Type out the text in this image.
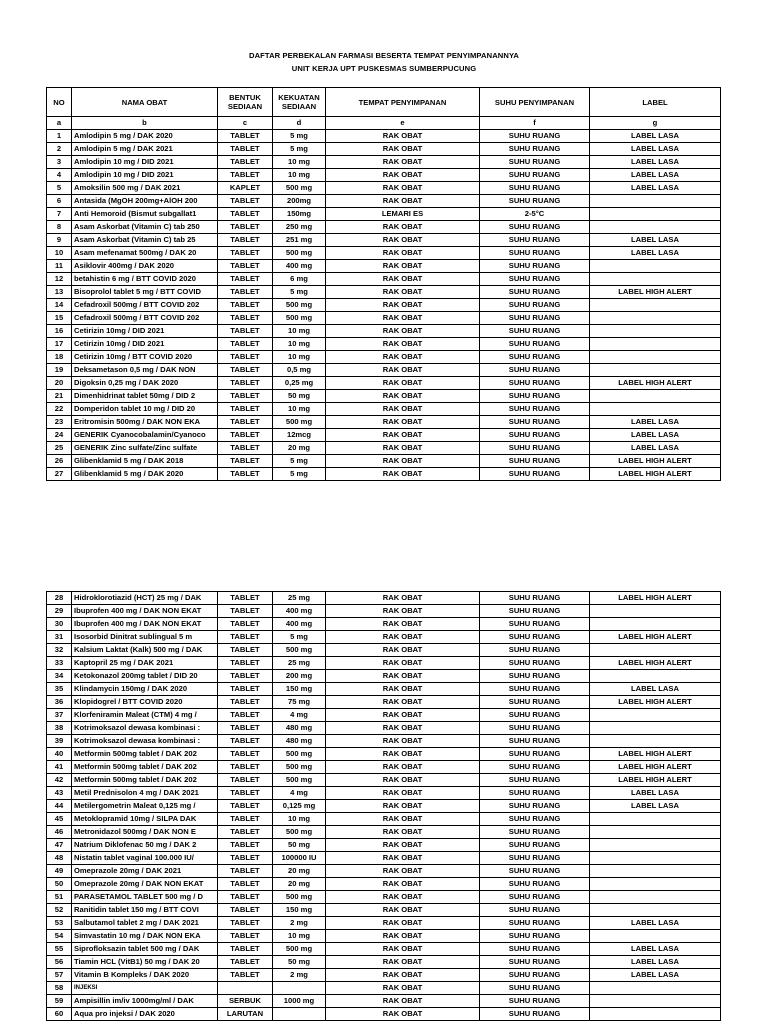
DAFTAR PERBEKALAN FARMASI BESERTA TEMPAT PENYIMPANANNYA
UNIT KERJA UPT PUSKESMAS SUMBERPUCUNG
NO	NAMA OBAT	BENTUK SEDIAAN	KEKUATAN SEDIAAN	TEMPAT PENYIMPANAN	SUHU PENYIMPANAN	LABEL
a	b	c	d	e	f	g
1	Amlodipin 5 mg / DAK 2020	TABLET	5 mg	RAK OBAT	SUHU RUANG	LABEL LASA
2	Amlodipin 5 mg / DAK 2021	TABLET	5 mg	RAK OBAT	SUHU RUANG	LABEL LASA
3	Amlodipin 10 mg / DID 2021	TABLET	10 mg	RAK OBAT	SUHU RUANG	LABEL LASA
4	Amlodipin 10 mg / DID 2021	TABLET	10 mg	RAK OBAT	SUHU RUANG	LABEL LASA
5	Amoksilin 500 mg / DAK 2021	KAPLET	500 mg	RAK OBAT	SUHU RUANG	LABEL LASA
6	Antasida (MgOH 200mg+AlOH 200	TABLET	200mg	RAK OBAT	SUHU RUANG	
7	Anti Hemoroid (Bismut subgallat1	TABLET	150mg	LEMARI ES	2-5°C	
8	Asam Askorbat (Vitamin C) tab 250	TABLET	250 mg	RAK OBAT	SUHU RUANG	
9	Asam Askorbat (Vitamin C) tab 25	TABLET	251 mg	RAK OBAT	SUHU RUANG	LABEL LASA
10	Asam mefenamat 500mg / DAK 20	TABLET	500 mg	RAK OBAT	SUHU RUANG	LABEL LASA
11	Asiklovir 400mg / DAK 2020	TABLET	400 mg	RAK OBAT	SUHU RUANG	
12	betahistin 6 mg / BTT COVID 2020	TABLET	6 mg	RAK OBAT	SUHU RUANG	
13	Bisoprolol tablet 5 mg / BTT COVID	TABLET	5 mg	RAK OBAT	SUHU RUANG	LABEL HIGH ALERT
14	Cefadroxil 500mg / BTT COVID 202	TABLET	500 mg	RAK OBAT	SUHU RUANG	
15	Cefadroxil 500mg / BTT COVID 202	TABLET	500 mg	RAK OBAT	SUHU RUANG	
16	Cetirizin 10mg / DID 2021	TABLET	10 mg	RAK OBAT	SUHU RUANG	
17	Cetirizin 10mg / DID 2021	TABLET	10 mg	RAK OBAT	SUHU RUANG	
18	Cetirizin 10mg / BTT COVID 2020	TABLET	10 mg	RAK OBAT	SUHU RUANG	
19	Deksametason 0,5 mg / DAK NON	TABLET	0,5 mg	RAK OBAT	SUHU RUANG	
20	Digoksin 0,25 mg / DAK 2020	TABLET	0,25 mg	RAK OBAT	SUHU RUANG	LABEL HIGH ALERT
21	Dimenhidrinat tablet 50mg / DID 2	TABLET	50 mg	RAK OBAT	SUHU RUANG	
22	Domperidon tablet 10 mg / DID 20	TABLET	10 mg	RAK OBAT	SUHU RUANG	
23	Eritromisin 500mg / DAK NON EKA	TABLET	500 mg	RAK OBAT	SUHU RUANG	LABEL LASA
24	GENERIK Cyanocobalamin/Cyanoco	TABLET	12mcg	RAK OBAT	SUHU RUANG	LABEL LASA
25	GENERIK Zinc sulfate/Zinc sulfate	TABLET	20 mg	RAK OBAT	SUHU RUANG	LABEL LASA
26	Glibenklamid 5 mg / DAK 2018	TABLET	5 mg	RAK OBAT	SUHU RUANG	LABEL HIGH ALERT
27	Glibenklamid 5 mg / DAK 2020	TABLET	5 mg	RAK OBAT	SUHU RUANG	LABEL HIGH ALERT
28	Hidroklorotiazid (HCT) 25 mg / DAK	TABLET	25 mg	RAK OBAT	SUHU RUANG	LABEL HIGH ALERT
29	Ibuprofen 400 mg / DAK NON EKAT	TABLET	400 mg	RAK OBAT	SUHU RUANG	
30	Ibuprofen 400 mg / DAK NON EKAT	TABLET	400 mg	RAK OBAT	SUHU RUANG	
31	Isosorbid Dinitrat sublingual 5 m	TABLET	5 mg	RAK OBAT	SUHU RUANG	LABEL HIGH ALERT
32	Kalsium Laktat (Kalk) 500 mg / DAK	TABLET	500 mg	RAK OBAT	SUHU RUANG	
33	Kaptopril 25 mg / DAK 2021	TABLET	25 mg	RAK OBAT	SUHU RUANG	LABEL HIGH ALERT
34	Ketokonazol 200mg tablet / DID 20	TABLET	200 mg	RAK OBAT	SUHU RUANG	
35	Klindamycin 150mg / DAK 2020	TABLET	150 mg	RAK OBAT	SUHU RUANG	LABEL LASA
36	Klopidogrel / BTT COVID 2020	TABLET	75 mg	RAK OBAT	SUHU RUANG	LABEL HIGH ALERT
37	Klorfeniramin Maleat (CTM) 4 mg /	TABLET	4 mg	RAK OBAT	SUHU RUANG	
38	Kotrimoksazol dewasa kombinasi :	TABLET	480 mg	RAK OBAT	SUHU RUANG	
39	Kotrimoksazol dewasa kombinasi :	TABLET	480 mg	RAK OBAT	SUHU RUANG	
40	Metformin 500mg tablet / DAK 202	TABLET	500 mg	RAK OBAT	SUHU RUANG	LABEL HIGH ALERT
41	Metformin 500mg tablet / DAK 202	TABLET	500 mg	RAK OBAT	SUHU RUANG	LABEL HIGH ALERT
42	Metformin 500mg tablet / DAK 202	TABLET	500 mg	RAK OBAT	SUHU RUANG	LABEL HIGH ALERT
43	Metil Prednisolon 4 mg / DAK 2021	TABLET	4 mg	RAK OBAT	SUHU RUANG	LABEL LASA
44	Metilergometrin Maleat 0,125 mg /	TABLET	0,125 mg	RAK OBAT	SUHU RUANG	LABEL LASA
45	Metoklopramid 10mg / SILPA DAK	TABLET	10 mg	RAK OBAT	SUHU RUANG	
46	Metronidazol 500mg / DAK NON E	TABLET	500 mg	RAK OBAT	SUHU RUANG	
47	Natrium Diklofenac 50 mg / DAK 2	TABLET	50 mg	RAK OBAT	SUHU RUANG	
48	Nistatin tablet vaginal 100.000 IU/	TABLET	100000 IU	RAK OBAT	SUHU RUANG	
49	Omeprazole 20mg / DAK 2021	TABLET	20 mg	RAK OBAT	SUHU RUANG	
50	Omeprazole 20mg / DAK NON EKAT	TABLET	20 mg	RAK OBAT	SUHU RUANG	
51	PARASETAMOL TABLET 500 mg / D	TABLET	500 mg	RAK OBAT	SUHU RUANG	
52	Ranitidin tablet 150 mg / BTT COVI	TABLET	150 mg	RAK OBAT	SUHU RUANG	
53	Salbutamol tablet 2 mg / DAK 2021	TABLET	2 mg	RAK OBAT	SUHU RUANG	LABEL LASA
54	Simvastatin 10 mg / DAK NON EKA	TABLET	10 mg	RAK OBAT	SUHU RUANG	
55	Siprofloksazin tablet 500 mg / DAK	TABLET	500 mg	RAK OBAT	SUHU RUANG	LABEL LASA
56	Tiamin HCL (VitB1) 50 mg / DAK 20	TABLET	50 mg	RAK OBAT	SUHU RUANG	LABEL LASA
57	Vitamin B Kompleks / DAK 2020	TABLET	2 mg	RAK OBAT	SUHU RUANG	LABEL LASA
58	INJEKSI			RAK OBAT	SUHU RUANG	
59	Ampisillin im/iv 1000mg/ml / DAK	SERBUK	1000 mg	RAK OBAT	SUHU RUANG	
60	Aqua pro injeksi / DAK 2020	LARUTAN		RAK OBAT	SUHU RUANG	
